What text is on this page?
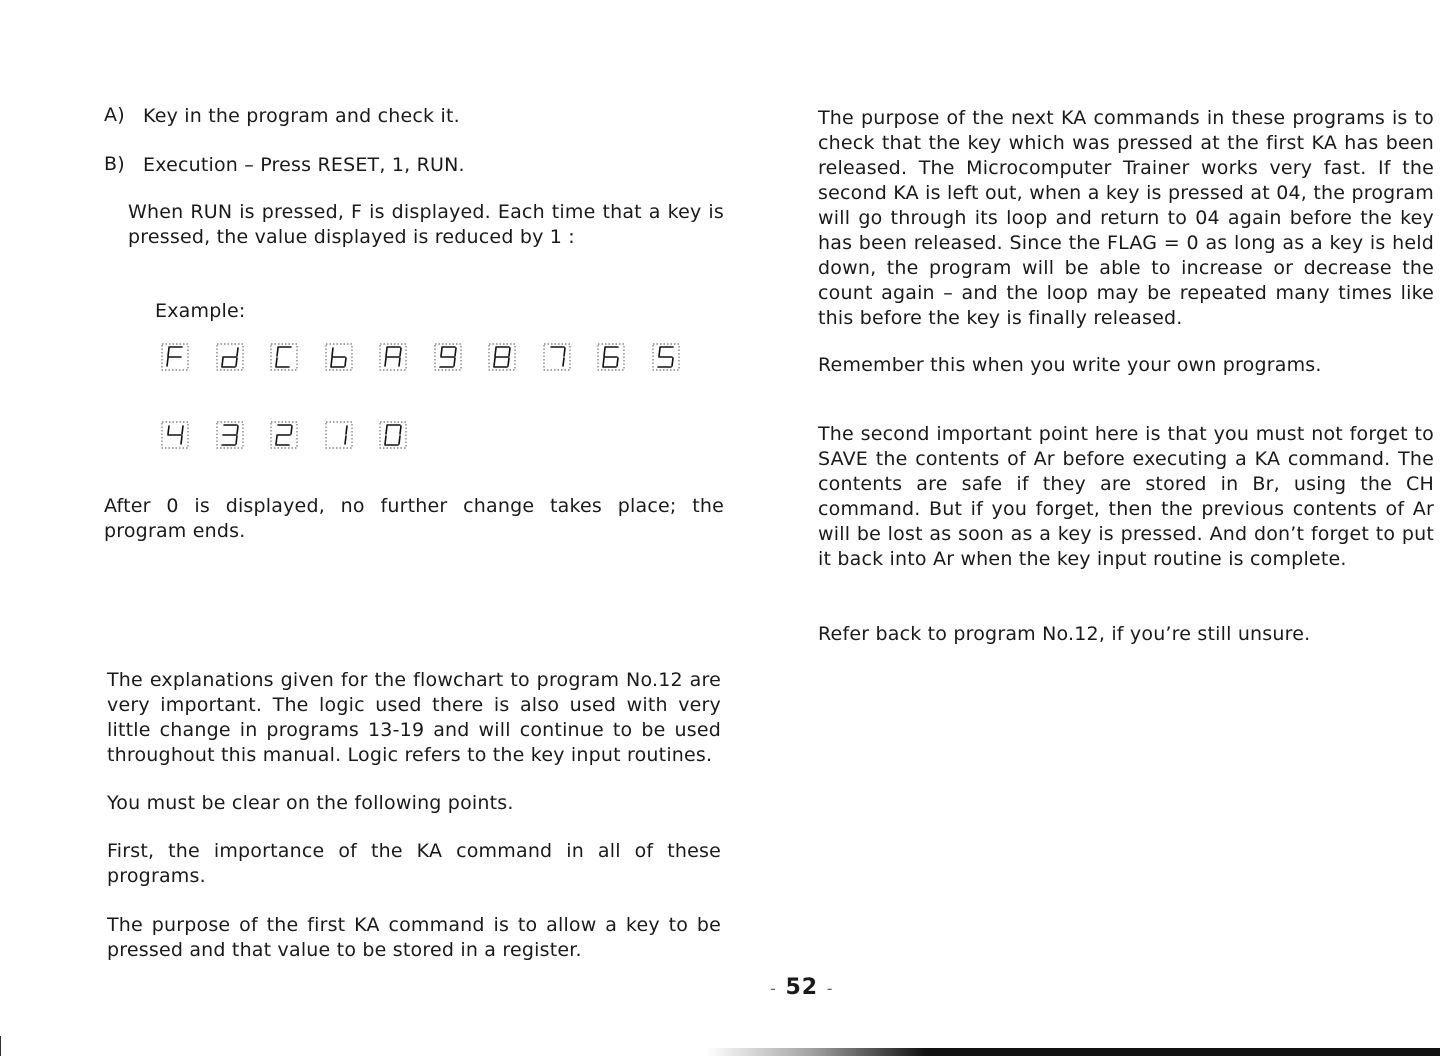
A) Key in the program and check it.

B) Execution – Press RESET, 1, RUN.

When RUN is pressed, F is displayed. Each time that a key is pressed, the value displayed is reduced by 1 :

Example:

After 0 is displayed, no further change takes place; the program ends.

The explanations given for the flowchart to program No.12 are very important. The logic used there is also used with very little change in programs 13-19 and will continue to be used throughout this manual. Logic refers to the key input routines.

You must be clear on the following points.

First, the importance of the KA command in all of these programs.

The purpose of the first KA command is to allow a key to be pressed and that value to be stored in a register.

The purpose of the next KA commands in these programs is to check that the key which was pressed at the first KA has been released. The Microcomputer Trainer works very fast. If the second KA is left out, when a key is pressed at 04, the program will go through its loop and return to 04 again before the key has been released. Since the FLAG = 0 as long as a key is held down, the program will be able to increase or decrease the count again – and the loop may be repeated many times like this before the key is finally released.

Remember this when you write your own programs.

The second important point here is that you must not forget to SAVE the contents of Ar before executing a KA command. The contents are safe if they are stored in Br, using the CH command. But if you forget, then the previous contents of Ar will be lost as soon as a key is pressed. And don’t forget to put it back into Ar when the key input routine is complete.

Refer back to program No.12, if you’re still unsure.

- 52 -
